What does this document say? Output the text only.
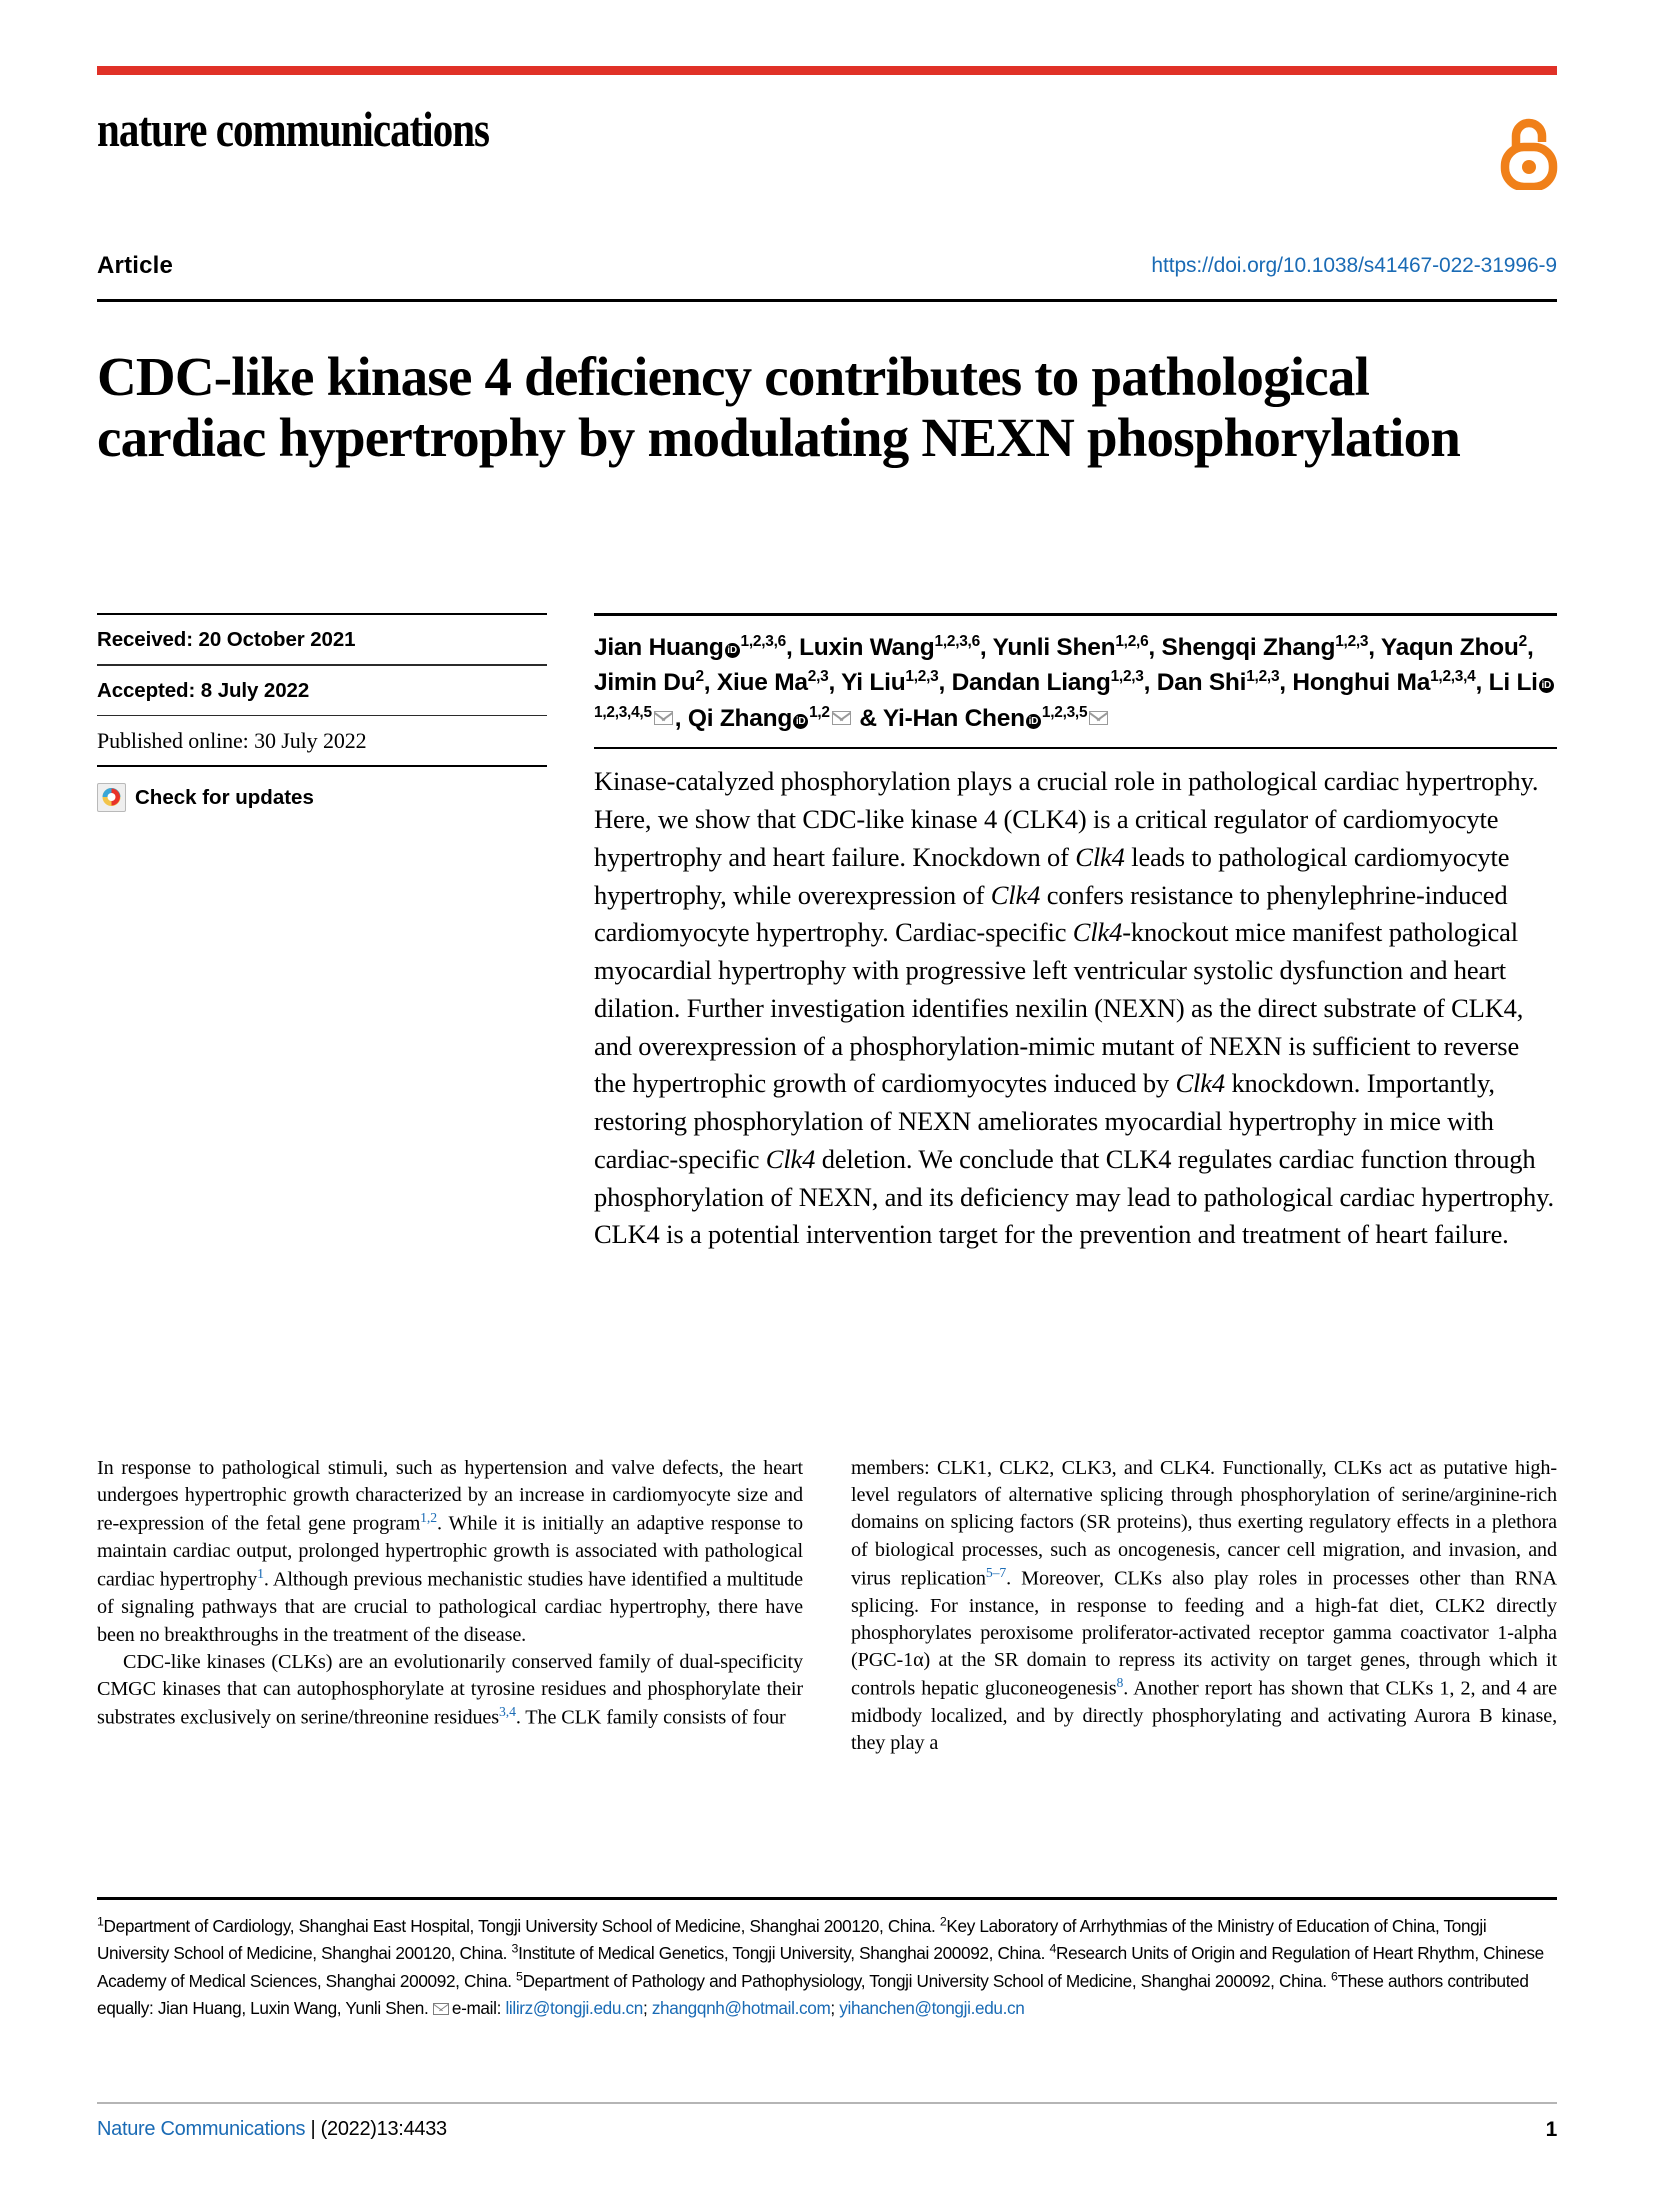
nature communications
Article	https://doi.org/10.1038/s41467-022-31996-9
CDC-like kinase 4 deficiency contributes to pathological cardiac hypertrophy by modulating NEXN phosphorylation
Received: 20 October 2021
Accepted: 8 July 2022
Published online: 30 July 2022
Check for updates
Jian Huang iD$^{1,2,3,6}$, Luxin Wang$^{1,2,3,6}$, Yunli Shen$^{1,2,6}$, Shengqi Zhang$^{1,2,3}$, Yaqun Zhou$^2$, Jimin Du$^2$, Xiue Ma$^{2,3}$, Yi Liu$^{1,2,3}$, Dandan Liang$^{1,2,3}$, Dan Shi$^{1,2,3}$, Honghui Ma$^{1,2,3,4}$, Li Li iD$^{1,2,3,4,5}$ , Qi Zhang iD$^{1,2}$ & Yi-Han Chen iD$^{1,2,3,5}$
Kinase-catalyzed phosphorylation plays a crucial role in pathological cardiac hypertrophy. Here, we show that CDC-like kinase 4 (CLK4) is a critical regulator of cardiomyocyte hypertrophy and heart failure. Knockdown of Clk4 leads to pathological cardiomyocyte hypertrophy, while overexpression of Clk4 confers resistance to phenylephrine-induced cardiomyocyte hypertrophy. Cardiac-specific Clk4-knockout mice manifest pathological myocardial hypertrophy with progressive left ventricular systolic dysfunction and heart dilation. Further investigation identifies nexilin (NEXN) as the direct substrate of CLK4, and overexpression of a phosphorylation-mimic mutant of NEXN is sufficient to reverse the hypertrophic growth of cardiomyocytes induced by Clk4 knockdown. Importantly, restoring phosphorylation of NEXN ameliorates myocardial hypertrophy in mice with cardiac-specific Clk4 deletion. We conclude that CLK4 regulates cardiac function through phosphorylation of NEXN, and its deficiency may lead to pathological cardiac hypertrophy. CLK4 is a potential intervention target for the prevention and treatment of heart failure.

In response to pathological stimuli, such as hypertension and valve defects, the heart undergoes hypertrophic growth characterized by an increase in cardiomyocyte size and re-expression of the fetal gene program$^{1,2}$. While it is initially an adaptive response to maintain cardiac output, prolonged hypertrophic growth is associated with pathological cardiac hypertrophy$^1$. Although previous mechanistic studies have identified a multitude of signaling pathways that are crucial to pathological cardiac hypertrophy, there have been no breakthroughs in the treatment of the disease.

CDC-like kinases (CLKs) are an evolutionarily conserved family of dual-specificity CMGC kinases that can autophosphorylate at tyrosine residues and phosphorylate their substrates exclusively on serine/threonine residues$^{3,4}$. The CLK family consists of four

members: CLK1, CLK2, CLK3, and CLK4. Functionally, CLKs act as putative high-level regulators of alternative splicing through phosphorylation of serine/arginine-rich domains on splicing factors (SR proteins), thus exerting regulatory effects in a plethora of biological processes, such as oncogenesis, cancer cell migration, and invasion, and virus replication$^{5-7}$. Moreover, CLKs also play roles in processes other than RNA splicing. For instance, in response to feeding and a high-fat diet, CLK2 directly phosphorylates peroxisome proliferator-activated receptor gamma coactivator 1-alpha (PGC-1α) at the SR domain to repress its activity on target genes, through which it controls hepatic gluconeogenesis$^8$. Another report has shown that CLKs 1, 2, and 4 are midbody localized, and by directly phosphorylating and activating Aurora B kinase, they play a

$^1$Department of Cardiology, Shanghai East Hospital, Tongji University School of Medicine, Shanghai 200120, China. $^2$Key Laboratory of Arrhythmias of the Ministry of Education of China, Tongji University School of Medicine, Shanghai 200120, China. $^3$Institute of Medical Genetics, Tongji University, Shanghai 200092, China. $^4$Research Units of Origin and Regulation of Heart Rhythm, Chinese Academy of Medical Sciences, Shanghai 200092, China. $^5$Department of Pathology and Pathophysiology, Tongji University School of Medicine, Shanghai 200092, China. $^6$These authors contributed equally: Jian Huang, Luxin Wang, Yunli Shen. e-mail: lilirz@tongji.edu.cn; zhangqnh@hotmail.com; yihanchen@tongji.edu.cn
Nature Communications | (2022)13:4433	1
